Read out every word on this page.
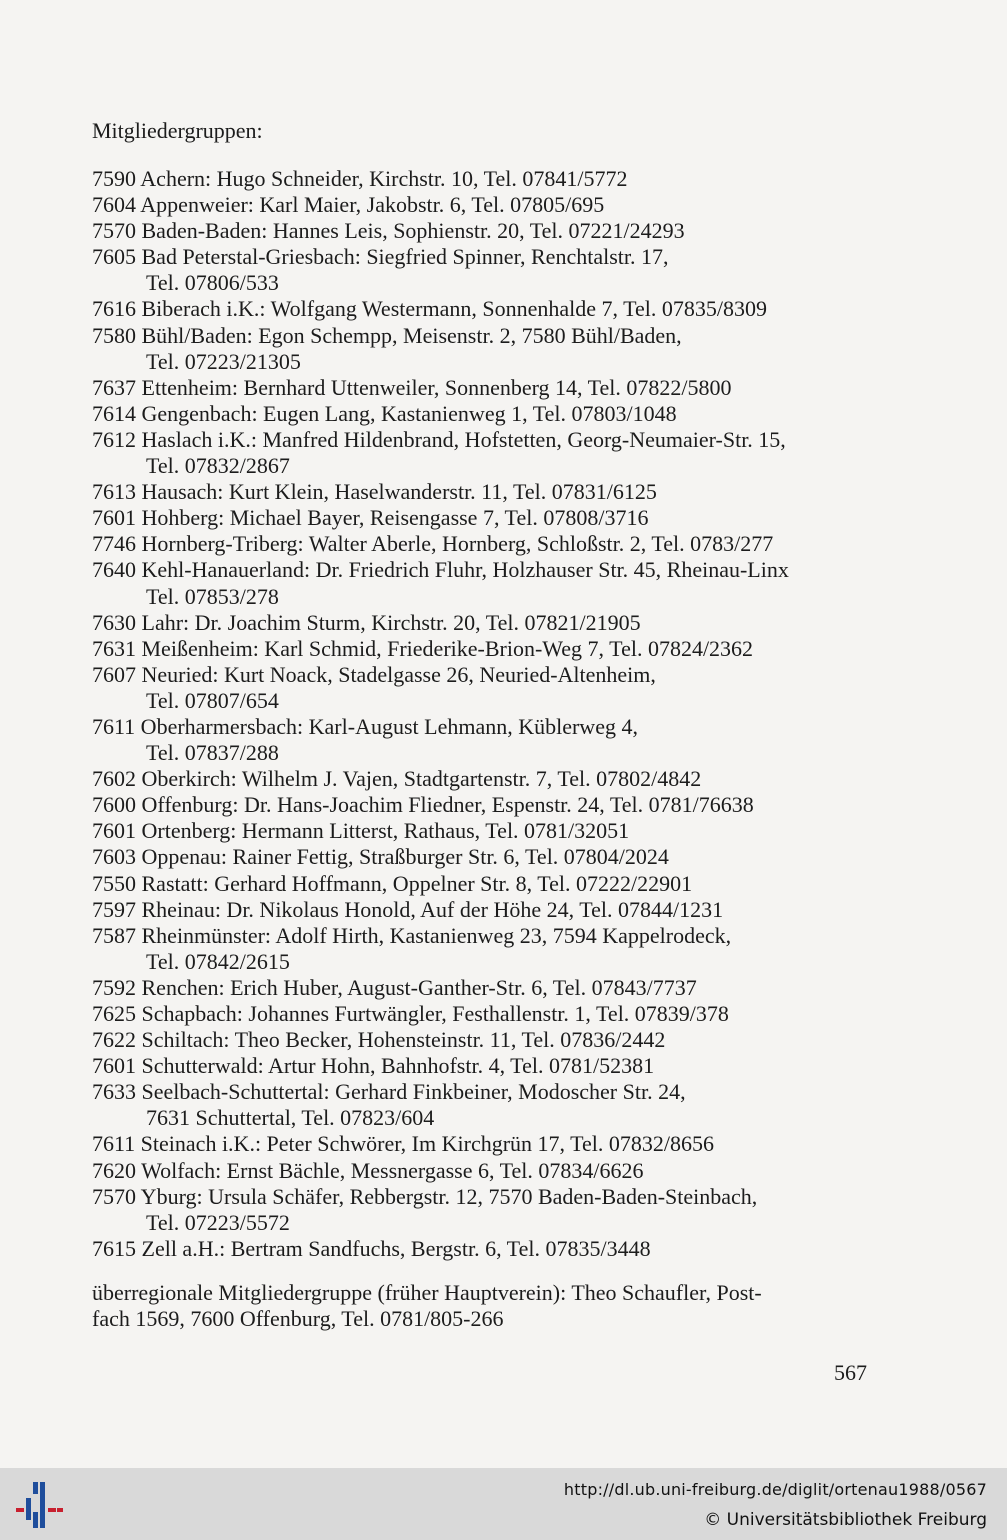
Mitgliedergruppen:
7590 Achern: Hugo Schneider, Kirchstr. 10, Tel. 07841/5772
7604 Appenweier: Karl Maier, Jakobstr. 6, Tel. 07805/695
7570 Baden-Baden: Hannes Leis, Sophienstr. 20, Tel. 07221/24293
7605 Bad Peterstal-Griesbach: Siegfried Spinner, Renchtalstr. 17,
Tel. 07806/533
7616 Biberach i.K.: Wolfgang Westermann, Sonnenhalde 7, Tel. 07835/8309
7580 Bühl/Baden: Egon Schempp, Meisenstr. 2, 7580 Bühl/Baden,
Tel. 07223/21305
7637 Ettenheim: Bernhard Uttenweiler, Sonnenberg 14, Tel. 07822/5800
7614 Gengenbach: Eugen Lang, Kastanienweg 1, Tel. 07803/1048
7612 Haslach i.K.: Manfred Hildenbrand, Hofstetten, Georg-Neumaier-Str. 15,
Tel. 07832/2867
7613 Hausach: Kurt Klein, Haselwanderstr. 11, Tel. 07831/6125
7601 Hohberg: Michael Bayer, Reisengasse 7, Tel. 07808/3716
7746 Hornberg-Triberg: Walter Aberle, Hornberg, Schloßstr. 2, Tel. 0783/277
7640 Kehl-Hanauerland: Dr. Friedrich Fluhr, Holzhauser Str. 45, Rheinau-Linx
Tel. 07853/278
7630 Lahr: Dr. Joachim Sturm, Kirchstr. 20, Tel. 07821/21905
7631 Meißenheim: Karl Schmid, Friederike-Brion-Weg 7, Tel. 07824/2362
7607 Neuried: Kurt Noack, Stadelgasse 26, Neuried-Altenheim,
Tel. 07807/654
7611 Oberharmersbach: Karl-August Lehmann, Küblerweg 4,
Tel. 07837/288
7602 Oberkirch: Wilhelm J. Vajen, Stadtgartenstr. 7, Tel. 07802/4842
7600 Offenburg: Dr. Hans-Joachim Fliedner, Espenstr. 24, Tel. 0781/76638
7601 Ortenberg: Hermann Litterst, Rathaus, Tel. 0781/32051
7603 Oppenau: Rainer Fettig, Straßburger Str. 6, Tel. 07804/2024
7550 Rastatt: Gerhard Hoffmann, Oppelner Str. 8, Tel. 07222/22901
7597 Rheinau: Dr. Nikolaus Honold, Auf der Höhe 24, Tel. 07844/1231
7587 Rheinmünster: Adolf Hirth, Kastanienweg 23, 7594 Kappelrodeck,
Tel. 07842/2615
7592 Renchen: Erich Huber, August-Ganther-Str. 6, Tel. 07843/7737
7625 Schapbach: Johannes Furtwängler, Festhallenstr. 1, Tel. 07839/378
7622 Schiltach: Theo Becker, Hohensteinstr. 11, Tel. 07836/2442
7601 Schutterwald: Artur Hohn, Bahnhofstr. 4, Tel. 0781/52381
7633 Seelbach-Schuttertal: Gerhard Finkbeiner, Modoscher Str. 24,
7631 Schuttertal, Tel. 07823/604
7611 Steinach i.K.: Peter Schwörer, Im Kirchgrün 17, Tel. 07832/8656
7620 Wolfach: Ernst Bächle, Messnergasse 6, Tel. 07834/6626
7570 Yburg: Ursula Schäfer, Rebbergstr. 12, 7570 Baden-Baden-Steinbach,
Tel. 07223/5572
7615 Zell a.H.: Bertram Sandfuchs, Bergstr. 6, Tel. 07835/3448
überregionale Mitgliedergruppe (früher Hauptverein): Theo Schaufler, Post-
fach 1569, 7600 Offenburg, Tel. 0781/805-266
567
http://dl.ub.uni-freiburg.de/diglit/ortenau1988/0567
© Universitätsbibliothek Freiburg
